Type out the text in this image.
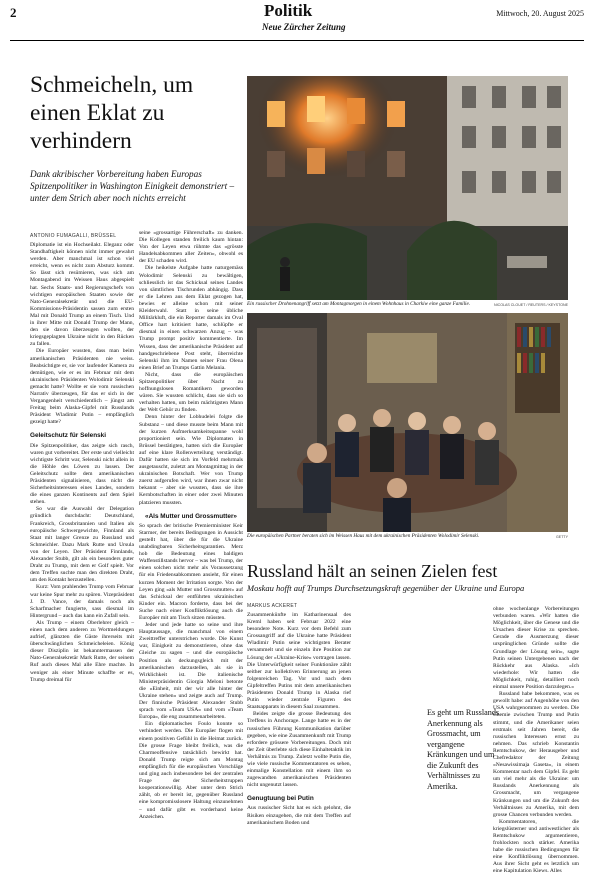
2	Politik
Neue Zürcher Zeitung
Mittwoch, 20. August 2025
Schmeicheln, um einen Eklat zu verhindern

Dank akribischer Vorbereitung haben Europas Spitzenpolitiker in Washington Einigkeit demonstriert – unter dem Strich aber noch nichts erreicht

ANTONIO FUMAGALLI, BRÜSSEL

Diplomatie ist ein Hochseilakt. Eleganz oder Standhaftigkeit können nicht immer gewahrt werden. Aber manchmal ist schon viel erreicht, wenn es nicht zum Absturz kommt. So lässt sich resümieren, was sich am Montagabend im Weissen Haus abgespielt hat. Sechs Staats- und Regierungschefs von wichtigen europäischen Staaten sowie der Nato-Generalsekretär und die EU-Kommissions-Präsidentin sassen zum ersten Mal mit Donald Trump an einem Tisch. Und in ihrer Mitte mit Donald Trump der Mann, den sie davon überzeugen wollten, der kriegsgeplagten Ukraine nicht in den Rücken zu fallen.

Die Europäer wussten, dass man beim amerikanischen Präsidenten nie weiss. Beabsichtigte er, sie vor laufender Kamera zu demütigen, wie er es im Februar mit dem ukrainischen Präsidenten Wolodimir Selenski gemacht hatte? Wollte er sie vom russischen Narrativ überzeugen, für das er sich in der Vergangenheit verschiedentlich – jüngst am Freitag beim Alaska-Gipfel mit Russlands Präsident Wladimir Putin – empfänglich gezeigt hatte?

Geleitschutz für Selenski

Die Spitzenpolitiker, das zeigte sich rasch, waren gut vorbereitet. Der erste und vielleicht wichtigste Schritt war, Selenski nicht allein in die Höhle des Löwen zu lassen. Der Geleitschutz sollte dem amerikanischen Präsidenten signalisieren, dass nicht die Sicherheitsinteressen eines Landes, sondern die eines ganzen Kontinents auf dem Spiel stehen.

So war die Auswahl der Delegation gründlich durchdacht: Deutschland, Frankreich, Grossbritannien und Italien als europäische Schwergewichte, Finnland als Staat mit langer Grenze zu Russland und Schmeichler. Dazu Mark Rutte und Ursula von der Leyen. Der Präsident Finnlands, Alexander Stubb, gilt als ein besonders guter Draht zu Trump, mit dem er Golf spielt. Vor dem Treffen suchte man den direkten Draht, um den Kontakt herzustellen.

Kurz: Vom prahlenden Trump vom Februar war keine Spur mehr zu spüren. Vizepräsident J. D. Vance, der damals noch als Scharfmacher fungierte, sass diesmal im Hintergrund – auch das kann ein Zufall sein.

Als Trump – einem Oberlehrer gleich – einen nach dem anderen zu Wortmeldungen aufrief, glänzten die Gäste ihrerseits mit überschwänglichen Schmeicheleien. König dieser Disziplin ist bekanntermassen der Nato-Generalsekretär Mark Rutte, der seinem Ruf auch dieses Mal alle Ehre machte. In weniger als einer Minute schaffte er es, Trump dreimal für

seine «grossartige Führerschaft» zu danken. Die Kollegen standen freilich kaum hintan: Von der Leyen etwa rühmte das «grösste Handelsabkommen aller Zeiten», obwohl es der EU schaden wird.

Die heikelste Aufgabe hatte naturgemäss Wolodimir Selenski zu bewältigen, schliesslich ist das Schicksal seines Landes von sämtlichen Tischrunden abhängig. Dass er die Lehren aus dem Eklat gezogen hat, bewies er alleine schon mit seiner Kleiderwahl. Statt in seine übliche Militärkluft, die ein Reporter damals im Oval Office hart kritisiert hatte, schlüpfte er diesmal in einen schwarzen Anzug – was Trump prompt positiv kommentierte. Im Wissen, dass der amerikanische Präsident auf handgeschriebene Post steht, überreichte Selenski ihm im Namen seiner Frau Olena einen Brief an Trumps Gattin Melania.

Nicht, dass die europäischen Spitzenpolitiker über Nacht zu hoffnungslosen Romantikern geworden wären. Sie wussten schlicht, dass sie sich so verhalten hatten, um beim mächtigsten Mann der Welt Gehör zu finden.

Denn hinter der Lobhudelei folgte die Substanz – und diese musste beim Mann mit der kurzen Aufmerksamkeitsspanne wohl proportioniert sein. Wie Diplomaten in Brüssel bestätigten, hatten sich die Europäer auf eine klare Rollenverteilung verständigt. Dafür hatten sie sich im Vorfeld mehrmals ausgetauscht, zuletzt am Montagmittag in der ukrainischen Botschaft. Wer von Trump zuerst aufgerufen wird, war ihnen zwar nicht bekannt – aber sie wussten, dass sie ihre Kernbotschaften in einer oder zwei Minuten platzieren mussten.

«Als Mutter und Grossmutter»

So sprach der britische Premierminister Keir Starmer, der bereits Bedingungen in Aussicht gestellt hat, über die für die Ukraine unabdingbaren Sicherheitsgarantien. Merz hob die Bedeutung eines baldigen Waffenstillstands hervor – was bei Trump, der einen solchen nicht mehr als Voraussetzung für ein Friedensabkommen ansieht, für einen kurzen Moment der Irritation sorgte. Von der Leyen ging «als Mutter und Grossmutter» auf das Schicksal der entführten ukrainischen Kinder ein. Macron forderte, dass bei der Suche nach einer Konfliktlösung auch die Europäer mit am Tisch sitzen müssten.

Jeder und jede hatte so seine und ihre Hauptaussage, die manchmal von einem Zweittreffer unterstrichen wurde. Die Kunst war, Einigkeit zu demonstrieren, ohne das Gleiche zu sagen – und die europäische Position als deckungsgleich mit der amerikanischen darzustellen, als sie in Wirklichkeit ist. Die italienische Ministerpräsidentin Giorgia Meloni betonte die «Einheit, mit der wir alle hinter der Ukraine stehen» und zeigte auch auf Trump. Der finnische Präsident Alexander Stubb sprach vom «Team USA» und vom «Team Europa», die eng zusammenarbeiteten.

Ein diplomatisches Foulo konnte so verhindert werden. Die Europäer flogen mit einem positiven Gefühl in die Heimat zurück. Die grosse Frage bleibt freilich, was die Charmeoffensive tatsächlich bewirkt hat. Donald Trump reigte sich am Montag empfänglich für die europäischen Vorschläge und ging auch insbesondere bei der zentralen Frage der Sicherheitstruppen kooperationswillig. Aber unter dem Strich zählt, ob er bereit ist, gegenüber Russland eine kompromisslosere Haltung einzunehmen – und dafür gibt es vorderhand keine Anzeichen.

Ein russischer Drohnenangriff setzt am Montagmorgen in einem Wohnhaus in Charkiw eine ganze Familie.	NICOLAS CLOUET / REUTERS / KEYSTONE
Die europäischen Partner beraten sich im Weissen Haus mit dem ukrainischen Präsidenten Wolodimir Selenski.	GETTY
Russland hält an seinen Zielen fest

Moskau hofft auf Trumps Durchsetzungskraft gegenüber der Ukraine und Europa

MARKUS ACKERET

Zusammenkünfte im Katharinensaal des Kreml haben seit Februar 2022 eine besondere Note. Kurz vor dem Befehl zum Grossangriff auf die Ukraine hatte Präsident Wladimir Putin seine wichtigsten Berater versammelt und sie einzeln ihre Position zur Lösung der «Ukraine-Krise» vortragen lassen. Die Unterwürfigkeit seiner Funktionäre zählt seither zur kollektiven Erinnerung an jenen folgenreichen Tag. Vor und nach dem Gipfeltreffen Putins mit dem amerikanischen Präsidenten Donald Trump in Alaska rief Putin wieder zentrale Figuren des Staatsapparats in diesem Saal zusammen.

Beides zeigte die grosse Bedeutung des Treffens in Anchorage. Lange hatte es in der russischen Führung Kommunikation darüber gegeben, wie eine Zusammenkunft mit Trump erfordere grössere Vorbereitungen. Doch mit der Zeit überlebte sich diese Einhaltetaktik im Verhältnis zu Trump. Zuletzt wollte Putin die, wie viele russische Kommentatoren es sehen, einmalige Konstellation mit einem ihm so zugewandten amerikanischen Präsidenten nicht ungenutzt lassen.

Genugtuung bei Putin

Aus russischer Sicht hat es sich gelohnt, die Risiken einzugehen, die mit dem Treffen auf amerikanischem Boden und

Es geht um Russlands Anerkennung als Grossmacht, um vergangene Kränkungen und um die Zukunft des Verhältnisses zu Amerika.

ohne wochenlange Vorbereitungen verbunden waren. «Wir hatten die Möglichkeit, über die Genese und die Ursachen dieser Krise zu sprechen. Gerade die Ausmerzung dieser ursprünglichen Gründe sollte die Grundlage der Lösung sein», sagte Putin seinen Untergebenen nach der Rückkehr aus Alaska. «Ich wiederhole: Wir hatten die Möglichkeit, ruhig, detailliert noch einmal unsere Position darzulegen.»

Russland habe bekommen, was es gewollt habe: auf Augenhöhe von den USA wahrgenommen zu werden. Die Chemie zwischen Trump und Putin stimmt, und die Amerikaner seien erstmals seit Jahren bereit, die russischen Interessen ernst zu nehmen. Das schrieb Konstantin Remtschukow, der Herausgeber und Chefredaktor der Zeitung «Nesawissimaja Gaseta», in einem Kommentar nach dem Gipfel. Es geht um viel mehr als die Ukraine: um Russlands Anerkennung als Grossmacht, um vergangene Kränkungen und um die Zukunft des Verhältnisses zu Amerika, mit dem grosse Chancen verbunden werden.

Kommentatoren, die kriegslüsterner und antiwestlicher als Remtschukow argumentieren, frohlockten noch stärker. Amerika habe die russischen Bedingungen für eine Konfliktlösung übernommen. Aus ihrer Sicht geht es letztlich um eine Kapitulation Kiews. Alles
